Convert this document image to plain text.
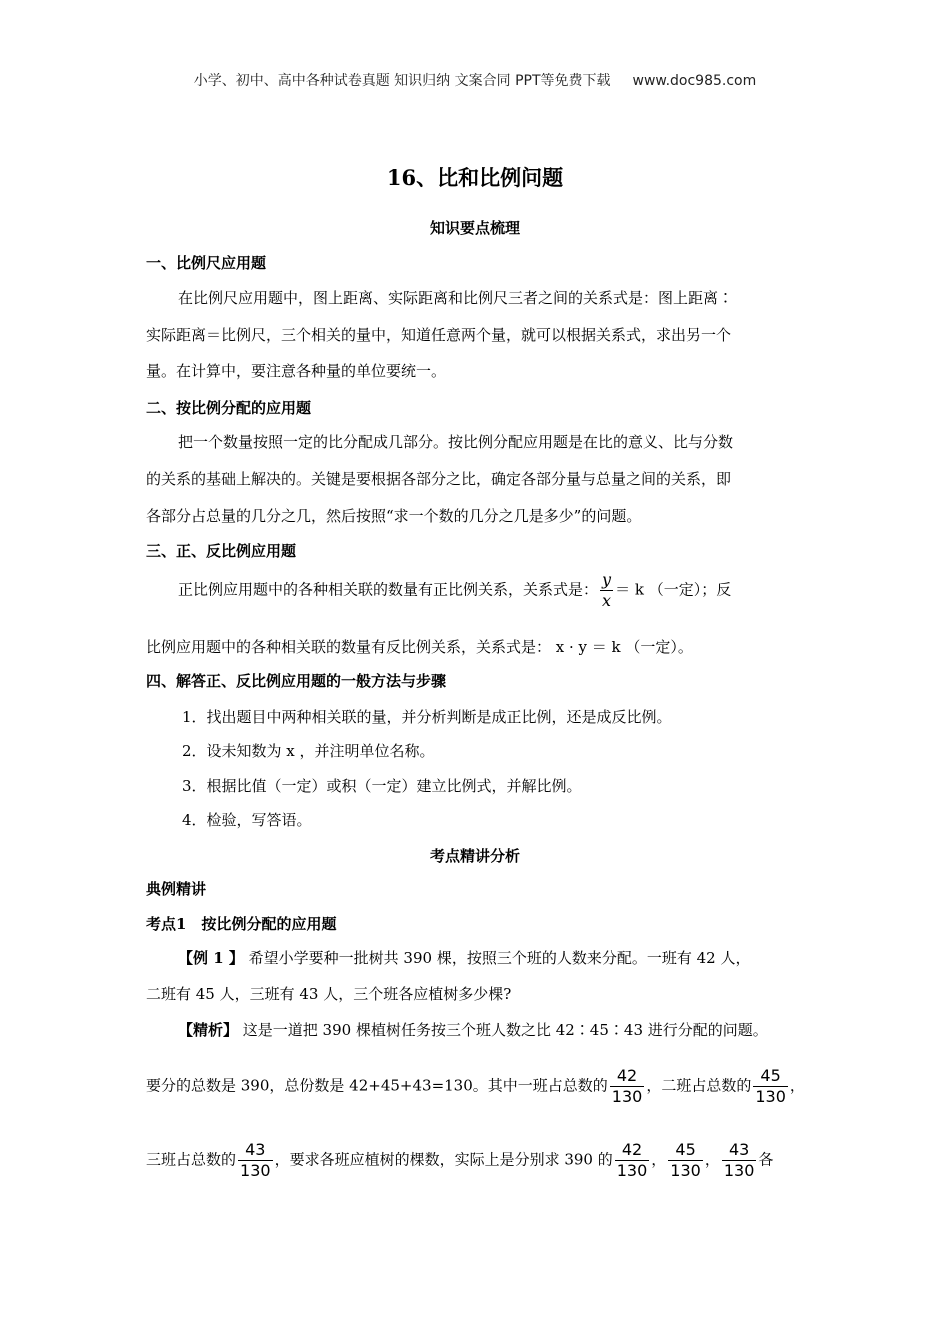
小学、初中、高中各种试卷真题 知识归纳 文案合同 PPT等免费下载 www.doc985.com
16、比和比例问题
知识要点梳理
一、比例尺应用题
在比例尺应用题中，图上距离、实际距离和比例尺三者之间的关系式是：图上距离∶
实际距离＝比例尺，三个相关的量中，知道任意两个量，就可以根据关系式，求出另一个
量。在计算中，要注意各种量的单位要统一。
二、按比例分配的应用题
把一个数量按照一定的比分配成几部分。按比例分配应用题是在比的意义、比与分数
的关系的基础上解决的。关键是要根据各部分之比，确定各部分量与总量之间的关系，即
各部分占总量的几分之几，然后按照“求一个数的几分之几是多少”的问题。
三、正、反比例应用题
正比例应用题中的各种相关联的数量有正比例关系，关系式是： $\frac{y}{x} = k$ （一定）；反
比例应用题中的各种相关联的数量有反比例关系，关系式是： x · y ＝ k （一定）。
四、解答正、反比例应用题的一般方法与步骤
1．找出题目中两种相关联的量，并分析判断是成正比例，还是成反比例。
2．设未知数为 x ，并注明单位名称。
3．根据比值（一定）或积（一定）建立比例式，并解比例。
4．检验，写答语。
考点精讲分析
典例精讲
考点1　按比例分配的应用题
【例 1 】 希望小学要种一批树共 390 棵，按照三个班的人数来分配。一班有 42 人，
二班有 45 人，三班有 43 人，三个班各应植树多少棵?
【精析】 这是一道把 390 棵植树任务按三个班人数之比 42∶45∶43 进行分配的问题。
要分的总数是 390，总份数是 42+45+43=130。其中一班占总数的 $\frac{42}{130}$ ，二班占总数的 $\frac{45}{130}$ ，
三班占总数的 $\frac{43}{130}$ ，要求各班应植树的棵数，实际上是分别求 390 的 $\frac{42}{130}$ ， $\frac{45}{130}$ ， $\frac{43}{130}$ 各
